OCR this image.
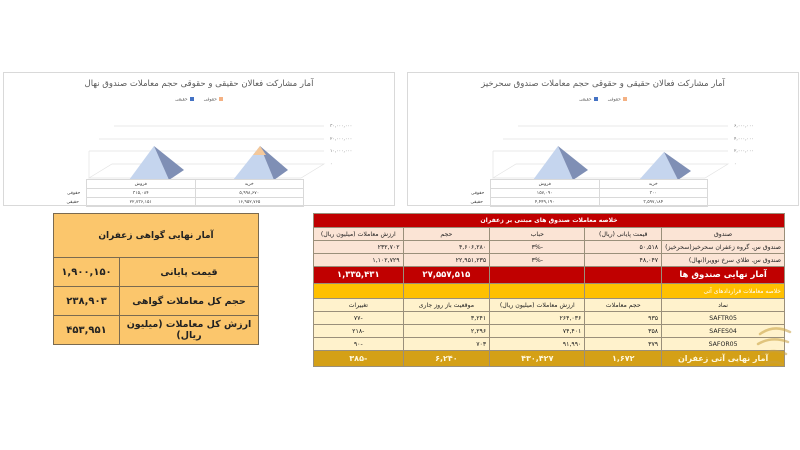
آمار مشارکت فعالان حقیقی و حقوقی حجم معاملات صندوق نهال
حقوقی
حقیقی
۰
۱۰,۰۰۰,۰۰۰
۲۰,۰۰۰,۰۰۰
۳۰,۰۰۰,۰۰۰
خرید	فروش	
۵,۹۹۸,۶۷۰	۳۱۵,۰۸۴	حقوقی
۱۶,۹۵۲,۷۶۵	۲۲,۷۳۶,۱۵۱	حقیقی
آمار مشارکت فعالان حقیقی و حقوقی حجم معاملات صندوق سحرخیز
حقوقی
حقیقی
۰
۲,۰۰۰,۰۰۰
۴,۰۰۰,۰۰۰
۶,۰۰۰,۰۰۰
خرید	فروش	
۳۰۰	۱۵۷,۰۹۰	حقوقی
۳,۵۹۷,۱۸۴	۴,۴۴۹,۱۹۰	حقیقی
آمار نهایی گواهی زعفران	
قیمت پایانی	۱,۹۰۰,۱۵۰
حجم کل معاملات گواهی	۲۳۸,۹۰۳
ارزش کل معاملات (میلیون ریال)	۴۵۳,۹۵۱
خلاصه معاملات صندوق های مبتنی بر زعفران				
صندوق	قیمت پایانی (ریال)	حباب	حجم	ارزش معاملات (میلیون ریال)
صندوق س. گروه زعفران سحرخیز(سحرخیز)	۵۰,۵۱۸	-۳%	۴,۶۰۶,۲۸۰	۲۳۲,۷۰۲
صندوق س. طلاي سرخ نوويرا(نهال)	۴۸,۰۴۷	-۳%	۲۲,۹۵۱,۲۳۵	۱,۱۰۲,۷۲۹
آمار نهایی صندوق ها			۲۷,۵۵۷,۵۱۵	۱,۳۳۵,۴۳۱
خلاصه معاملات قراردادهای آتی				
نماد	حجم معاملات	ارزش معاملات (میلیون ریال)	موقعیت باز روز جاری	تغییرات
SAFTR05	۹۳۵	۲۶۴,۰۳۶	۳,۲۴۱	-۷۷
SAFES04	۳۵۸	۷۴,۴۰۱	۲,۲۹۶	-۲۱۸
SAFOR05	۳۷۹	۹۱,۹۹۰	۷۰۳	-۹۰
آمار نهایی آتی زعفران	۱,۶۷۲	۴۳۰,۴۲۷	۶,۲۴۰	-۳۸۵
